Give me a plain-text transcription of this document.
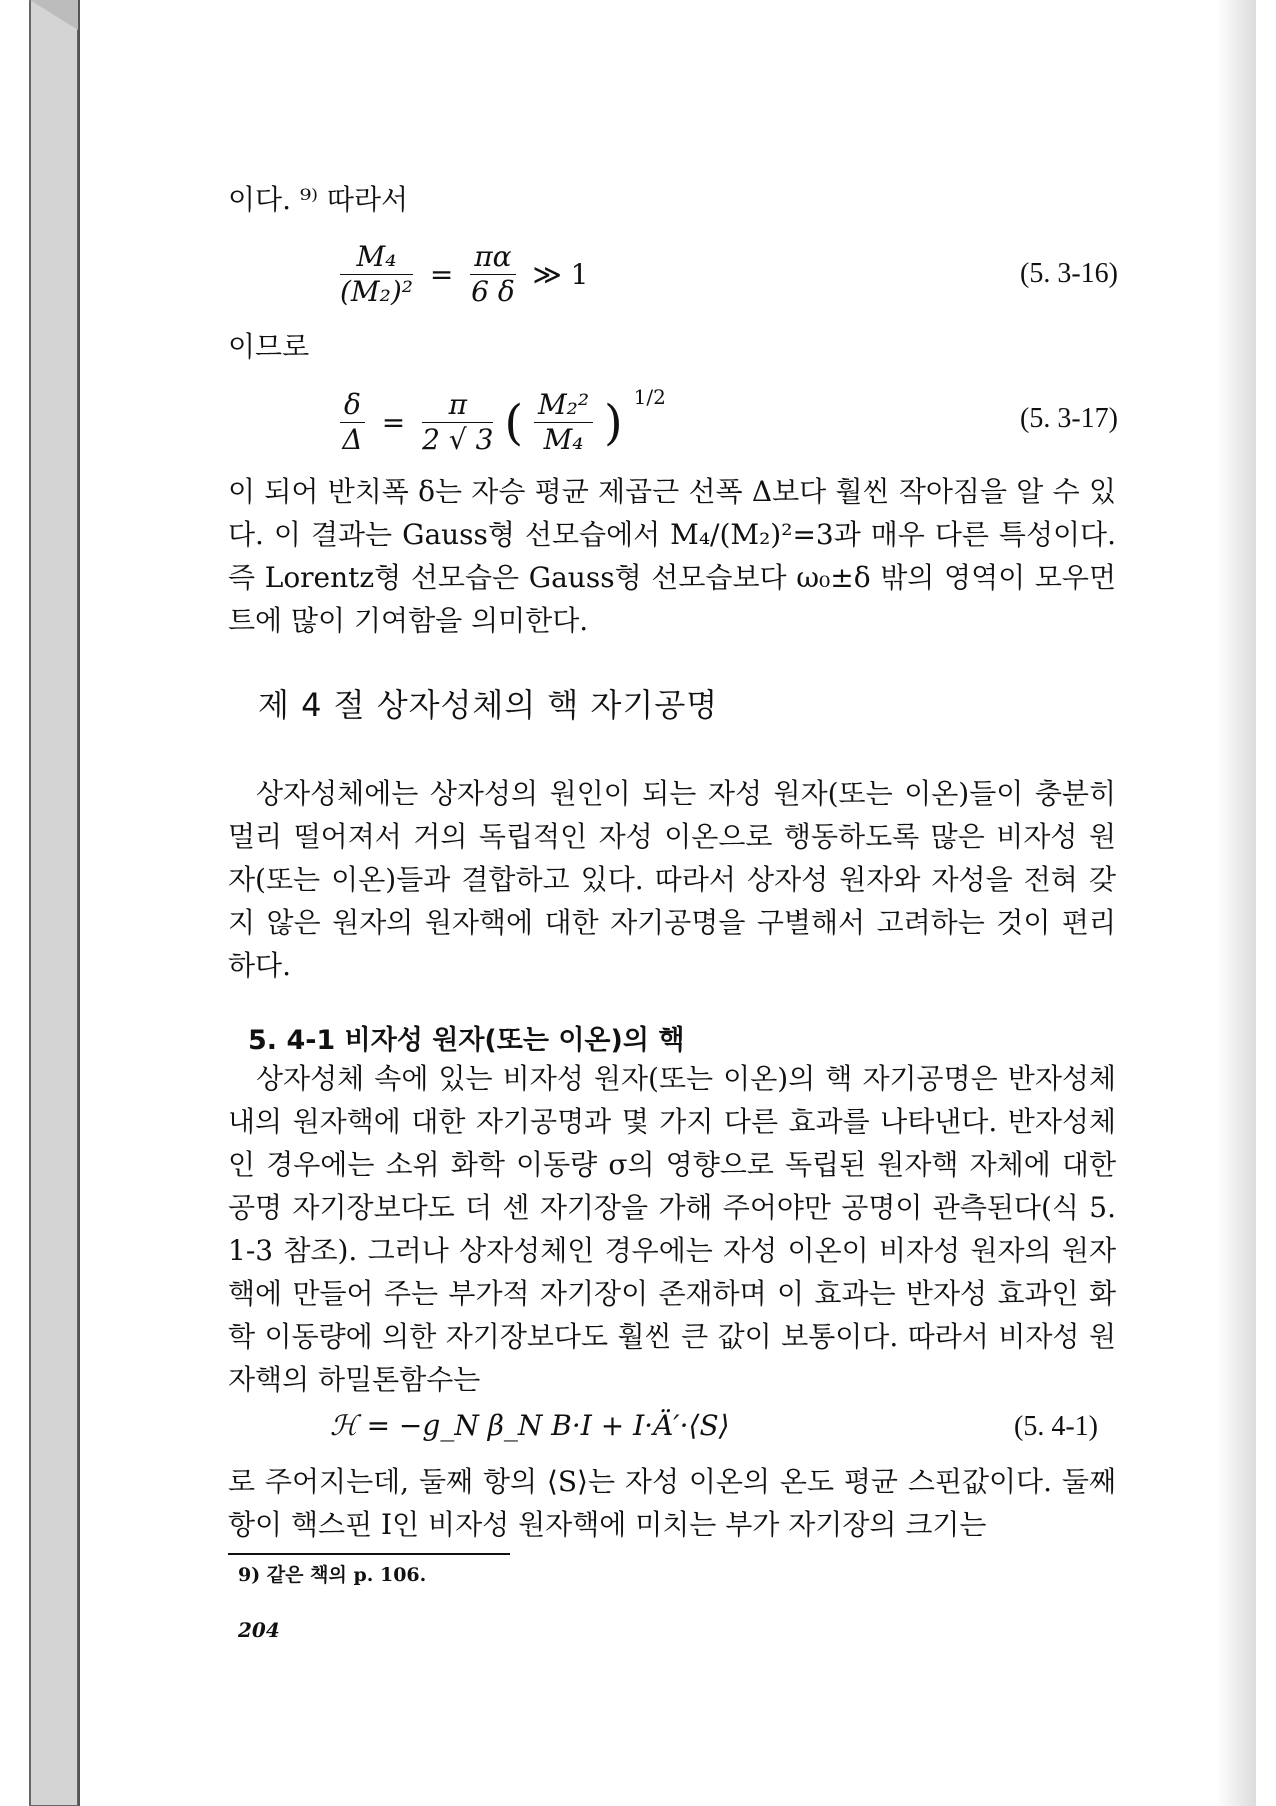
이다. ⁹⁾ 따라서

$\frac{\text{M₄}}{\text{(M₂)²}} = \frac{\pi\alpha}{6 \delta}$ ≫ 1	(5. 3-16)

이므로

$\frac{\delta}{\Delta} = \frac{\pi}{2 √ 3}$ ( $\frac{\text{M₂²}}{\text{M₄}}$ ) $^{1/2}$
(5. 3-17)

이 되어 반치폭 δ는 자승 평균 제곱근 선폭 Δ보다 훨씬 작아짐을 알 수 있다. 이 결과는 Gauss형 선모습에서 M₄/(M₂)²=3과 매우 다른 특성이다. 즉 Lorentz형 선모습은 Gauss형 선모습보다 ω₀±δ 밖의 영역이 모우먼트에 많이 기여함을 의미한다.

제 4 절 상자성체의 핵 자기공명

상자성체에는 상자성의 원인이 되는 자성 원자(또는 이온)들이 충분히 멀리 떨어져서 거의 독립적인 자성 이온으로 행동하도록 많은 비자성 원자(또는 이온)들과 결합하고 있다. 따라서 상자성 원자와 자성을 전혀 갖지 않은 원자의 원자핵에 대한 자기공명을 구별해서 고려하는 것이 편리하다.

5. 4-1 비자성 원자(또는 이온)의 핵

상자성체 속에 있는 비자성 원자(또는 이온)의 핵 자기공명은 반자성체 내의 원자핵에 대한 자기공명과 몇 가지 다른 효과를 나타낸다. 반자성체인 경우에는 소위 화학 이동량 σ의 영향으로 독립된 원자핵 자체에 대한 공명 자기장보다도 더 센 자기장을 가해 주어야만 공명이 관측된다(식 5. 1-3 참조). 그러나 상자성체인 경우에는 자성 이온이 비자성 원자의 원자핵에 만들어 주는 부가적 자기장이 존재하며 이 효과는 반자성 효과인 화학 이동량에 의한 자기장보다도 훨씬 큰 값이 보통이다. 따라서 비자성 원자핵의 하밀톤함수는

ℋ = −g_N β_N B·I + I·Ä′·⟨S⟩	(5. 4-1)

로 주어지는데, 둘째 항의 ⟨S⟩는 자성 이온의 온도 평균 스핀값이다. 둘째 항이 핵스핀 I인 비자성 원자핵에 미치는 부가 자기장의 크기는

9) 같은 책의 p. 106.
204
